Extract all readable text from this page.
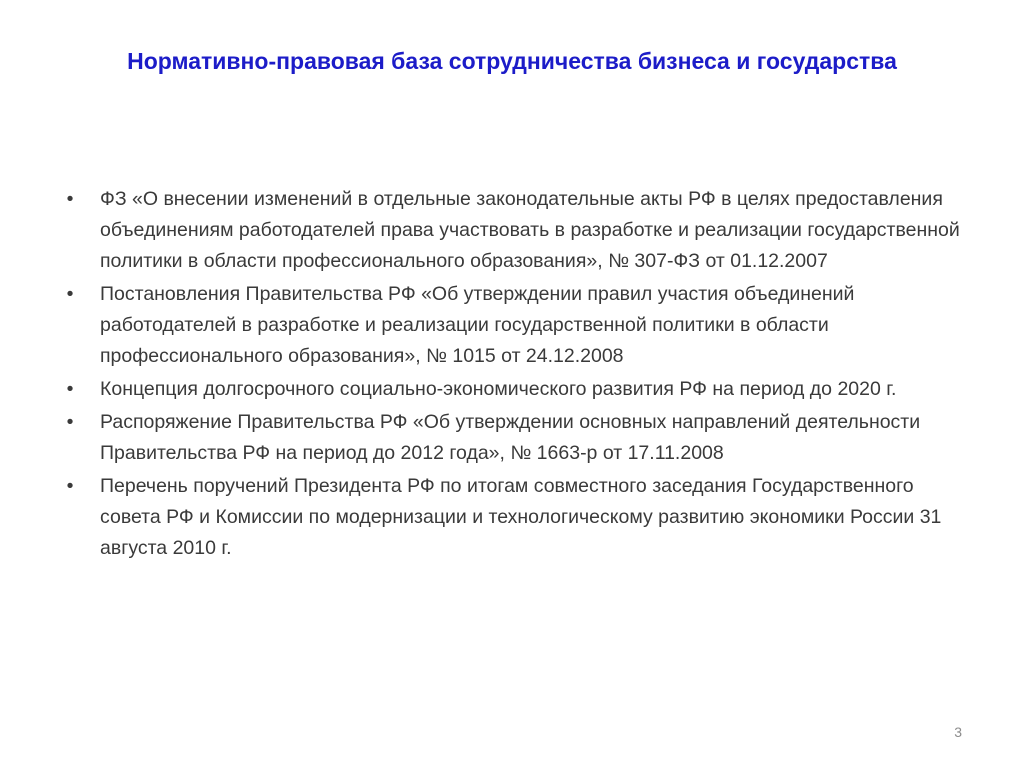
Нормативно-правовая база сотрудничества бизнеса и государства
• ФЗ «О внесении изменений в отдельные законодательные акты РФ в целях предоставления объединениям работодателей права участвовать в разработке и реализации государственной политики в области профессионального образования», № 307-ФЗ от 01.12.2007
• Постановления Правительства РФ «Об утверждении правил участия объединений работодателей в разработке и реализации государственной политики в области профессионального образования», № 1015 от 24.12.2008
• Концепция долгосрочного социально-экономического развития РФ на период до 2020 г.
• Распоряжение Правительства РФ «Об утверждении основных направлений деятельности Правительства РФ на период до 2012 года», № 1663-р от 17.11.2008
• Перечень поручений Президента РФ по итогам совместного заседания Государственного совета РФ и Комиссии по модернизации и технологическому развитию экономики России 31 августа 2010 г.
3
